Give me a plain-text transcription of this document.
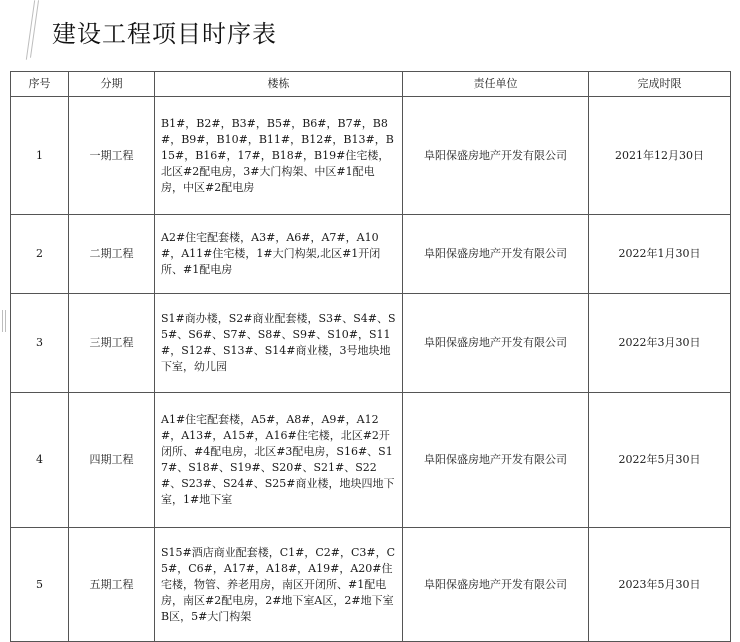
建设工程项目时序表
序号	分期	楼栋	责任单位	完成时限
1	一期工程	B1#，B2#，B3#，B5#，B6#，B7#，B8#，B9#，B10#，B11#，B12#，B13#，B15#，B16#，17#，B18#，B19#住宅楼，北区#2配电房，3#大门构架、中区#1配电房，中区#2配电房	阜阳保盛房地产开发有限公司	2021年12月30日
2	二期工程	A2#住宅配套楼，A3#，A6#，A7#，A10#，A11#住宅楼，1#大门构架,北区#1开闭所、#1配电房	阜阳保盛房地产开发有限公司	2022年1月30日
3	三期工程	S1#商办楼，S2#商业配套楼，S3#、S4#、S5#、S6#、S7#、S8#、S9#、S10#，S11#，S12#、S13#、S14#商业楼，3号地块地下室，幼儿园	阜阳保盛房地产开发有限公司	2022年3月30日
4	四期工程	A1#住宅配套楼，A5#，A8#，A9#，A12#，A13#，A15#，A16#住宅楼，北区#2开闭所、#4配电房，北区#3配电房，S16#、S17#、S18#、S19#、S20#、S21#、S22#、S23#、S24#、S25#商业楼，地块四地下室，1#地下室	阜阳保盛房地产开发有限公司	2022年5月30日
5	五期工程	S15#酒店商业配套楼，C1#，C2#，C3#，C5#，C6#，A17#，A18#，A19#，A20#住宅楼，物管、养老用房，南区开闭所、#1配电房，南区#2配电房，2#地下室A区，2#地下室B区，5#大门构架	阜阳保盛房地产开发有限公司	2023年5月30日
